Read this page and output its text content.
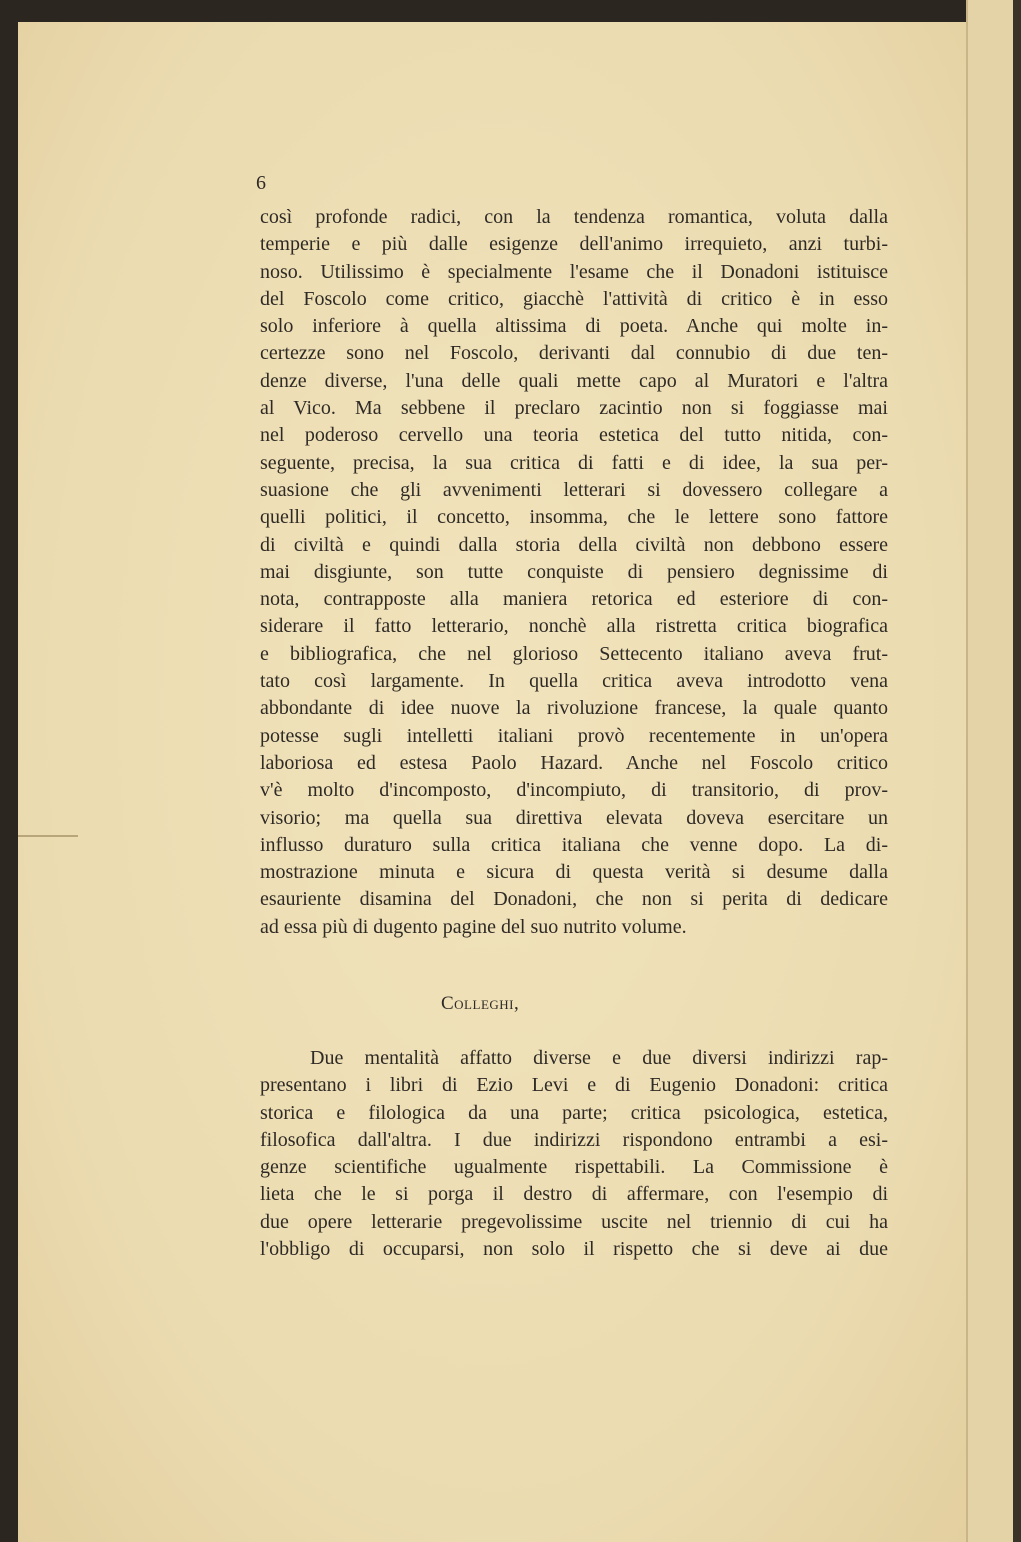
6
così profonde radici, con la tendenza romantica, voluta dalla
temperie e più dalle esigenze dell'animo irrequieto, anzi turbi-
noso. Utilissimo è specialmente l'esame che il Donadoni istituisce
del Foscolo come critico, giacchè l'attività di critico è in esso
solo inferiore à quella altissima di poeta. Anche qui molte in-
certezze sono nel Foscolo, derivanti dal connubio di due ten-
denze diverse, l'una delle quali mette capo al Muratori e l'altra
al Vico. Ma sebbene il preclaro zacintio non si foggiasse mai
nel poderoso cervello una teoria estetica del tutto nitida, con-
seguente, precisa, la sua critica di fatti e di idee, la sua per-
suasione che gli avvenimenti letterari si dovessero collegare a
quelli politici, il concetto, insomma, che le lettere sono fattore
di civiltà e quindi dalla storia della civiltà non debbono essere
mai disgiunte, son tutte conquiste di pensiero degnissime di
nota, contrapposte alla maniera retorica ed esteriore di con-
siderare il fatto letterario, nonchè alla ristretta critica biografica
e bibliografica, che nel glorioso Settecento italiano aveva frut-
tato così largamente. In quella critica aveva introdotto vena
abbondante di idee nuove la rivoluzione francese, la quale quanto
potesse sugli intelletti italiani provò recentemente in un'opera
laboriosa ed estesa Paolo Hazard. Anche nel Foscolo critico
v'è molto d'incomposto, d'incompiuto, di transitorio, di prov-
visorio; ma quella sua direttiva elevata doveva esercitare un
influsso duraturo sulla critica italiana che venne dopo. La di-
mostrazione minuta e sicura di questa verità si desume dalla
esauriente disamina del Donadoni, che non si perita di dedicare
ad essa più di dugento pagine del suo nutrito volume.
Colleghi,
Due mentalità affatto diverse e due diversi indirizzi rap-
presentano i libri di Ezio Levi e di Eugenio Donadoni: critica
storica e filologica da una parte; critica psicologica, estetica,
filosofica dall'altra. I due indirizzi rispondono entrambi a esi-
genze scientifiche ugualmente rispettabili. La Commissione è
lieta che le si porga il destro di affermare, con l'esempio di
due opere letterarie pregevolissime uscite nel triennio di cui ha
l'obbligo di occuparsi, non solo il rispetto che si deve ai due
